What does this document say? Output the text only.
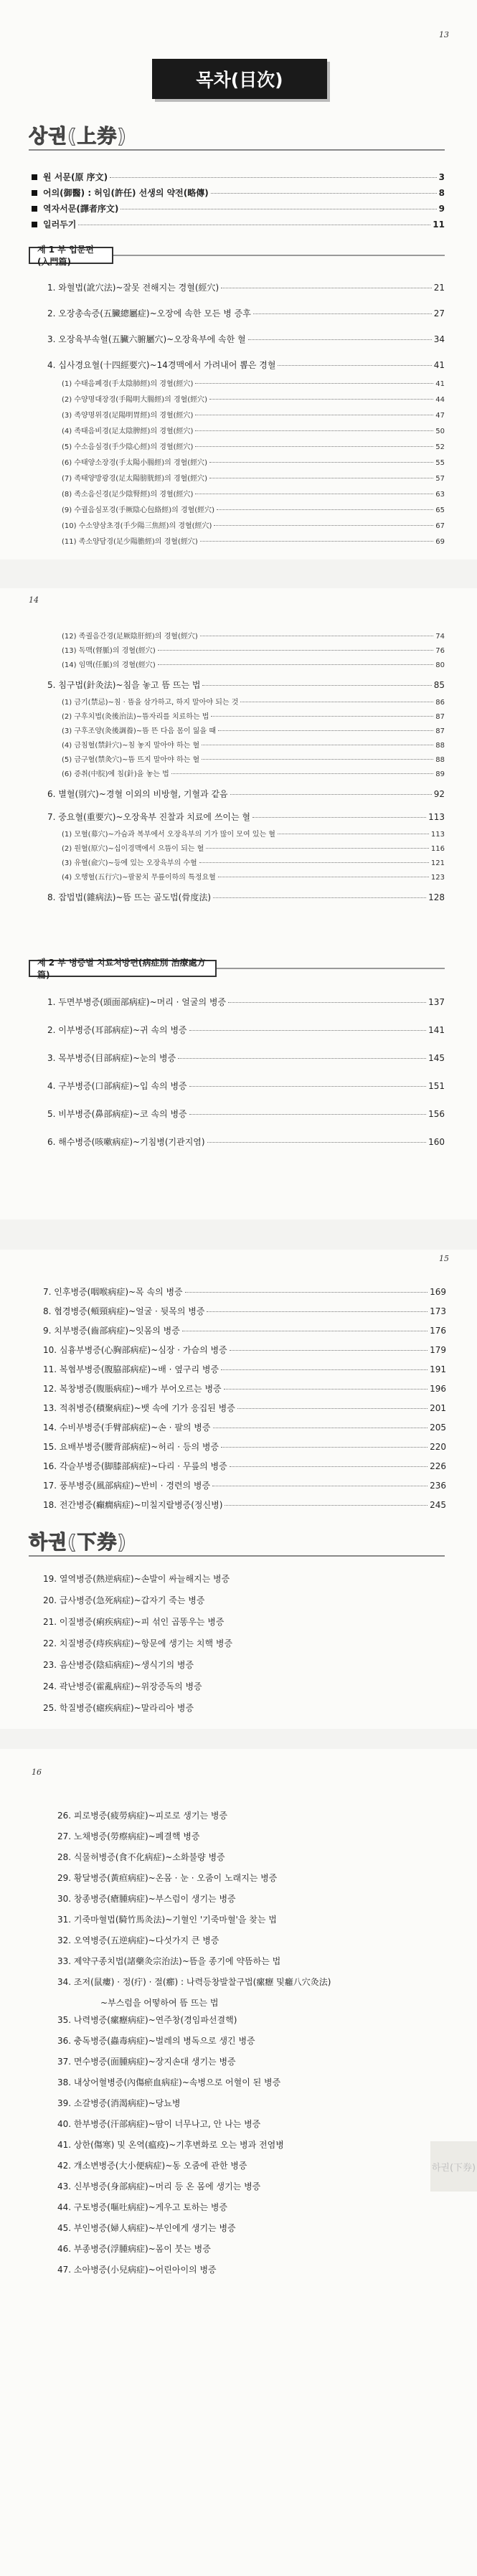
13
목차(目次)
상권(上券)
제 1 부 입문편(入門篇)
원 서문(原 序文)	3
어의(御醫) : 허임(許任) 선생의 약전(略傳)	8
역자서문(譯者序文)	9
일러두기	11
1. 와혈법(訛穴法)~잘못 전해지는 경혈(經穴)	21
2. 오장총속증(五臟總屬症)~오장에 속한 모든 병 증후	27
3. 오장육부속혈(五臟六腑屬穴)~오장육부에 속한 혈	34
4. 십사경요혈(十四經要穴)~14경맥에서 가려내어 뽑은 경혈	41
(1) 수태음폐경(手太陰肺經)의 경혈(經穴)	41
(2) 수양명대장경(手陽明大腸經)의 경혈(經穴)	44
(3) 족양명위경(足陽明胃經)의 경혈(經穴)	47
(4) 족태음비경(足太陰脾經)의 경혈(經穴)	50
(5) 수소음심경(手少陰心經)의 경혈(經穴)	52
(6) 수태양소장경(手太陽小腸經)의 경혈(經穴)	55
(7) 족태양방광경(足太陽膀胱經)의 경혈(經穴)	57
(8) 족소음신경(足少陰腎經)의 경혈(經穴)	63
(9) 수궐음심포경(手厥陰心包絡經)의 경혈(經穴)	65
(10) 수소양삼초경(手少陽三焦經)의 경혈(經穴)	67
(11) 족소양담경(足少陽膽經)의 경혈(經穴)	69
14
제 2 부 병증별 치료처방편(病症別 治療處方篇)
(12) 족궐음간경(足厥陰肝經)의 경혈(經穴)	74
(13) 독맥(督脈)의 경혈(經穴)	76
(14) 임맥(任脈)의 경혈(經穴)	80
5. 침구법(針灸法)~침을 놓고 뜸 뜨는 법	85
(1) 금기(禁忌)~침 · 뜸을 삼가하고, 하지 말아야 되는 것	86
(2) 구후치법(灸後治法)~뜸자리를 치료하는 법	87
(3) 구후조양(灸後調養)~뜸 뜬 다음 몸이 잃을 때	87
(4) 금침혈(禁針穴)~침 놓지 말아야 하는 혈	88
(5) 금구혈(禁灸穴)~뜸 뜨지 말아야 하는 혈	88
(6) 증취(中脘)에 침(針)을 놓는 법	89
6. 별혈(別穴)~경혈 이외의 비방혈, 기혈과 같음	92
7. 중요혈(重要穴)~오장육부 진찰과 치료에 쓰이는 혈	113
(1) 모혈(募穴)~가슴과 복부에서 오장육부의 기가 많이 모여 있는 혈	113
(2) 원혈(原穴)~십이경맥에서 으뜸이 되는 혈	116
(3) 유혈(兪穴)~등에 있는 오장육부의 수혈	121
(4) 오행혈(五行穴)~팔꿈치 무릎이하의 특정요혈	123
8. 잡법법(雜病法)~뜸 뜨는 골도법(骨度法)	128
1. 두면부병증(頭面部病症)~머리 · 얼굴의 병증	137
2. 이부병증(耳部病症)~귀 속의 병증	141
3. 목부병증(目部病症)~눈의 병증	145
4. 구부병증(口部病症)~입 속의 병증	151
5. 비부병증(鼻部病症)~코 속의 병증	156
6. 해수병증(咳嗽病症)~기침병(기관지염)	160
15
하권(下券)
7. 인후병증(咽喉病症)~목 속의 병증	169
8. 협경병증(頰頸病症)~얼굴 · 뒷목의 병증	173
9. 치부병증(齒部病症)~잇몸의 병증	176
10. 심흉부병증(心胸部病症)~심장 · 가슴의 병증	179
11. 복협부병증(腹脇部病症)~배 · 옆구리 병증	191
12. 복창병증(腹脹病症)~배가 부어오르는 병증	196
13. 적취병증(積聚病症)~뱃 속에 기가 응집된 병증	201
14. 수비부병증(手臂部病症)~손 · 팔의 병증	205
15. 요배부병증(腰背部病症)~허리 · 등의 병증	220
16. 각슬부병증(脚膝部病症)~다리 · 무릎의 병증	226
17. 풍부병증(風部病症)~반비 · 경련의 병증	236
18. 전간병증(癲癇病症)~미칠지랄병증(정신병)	245
19. 열역병증(熱逆病症)~손발이 싸늘해지는 병증
20. 급사병증(急死病症)~갑자기 죽는 병증
21. 이질병증(痢疾病症)~피 섞인 곱똥우는 병증
22. 치질병증(痔疾病症)~항문에 생기는 치핵 병증
23. 음산병증(陰疝病症)~생식기의 병증
24. 곽난병증(霍亂病症)~위장증독의 병증
25. 학질병증(瘧疾病症)~말라리아 병증
16
26. 피로병증(疲勞病症)~피로로 생기는 병증
27. 노채병증(勞瘵病症)~폐결핵 병증
28. 식물허병증(食不化病症)~소화불량 병증
29. 황달병증(黃疸病症)~온몸 · 눈 · 오줌이 노래지는 병증
30. 창종병증(瘡腫病症)~부스럼이 생기는 병증
31. 기죽마혈법(騎竹馬灸法)~기혈인 '기죽마혈'을 찾는 법
32. 오역병증(五逆病症)~다섯가지 큰 병증
33. 제약구종치법(諸藥灸宗治法)~뜸을 종기에 약뜸하는 법
34. 조저(鼠瘻) · 정(疔) · 절(癤) : 나력등창발찰구법(瘰癧 및癰八穴灸法)
~부스럼을 어떻하여 뜸 뜨는 법
35. 나력병증(瘰癧病症)~연주창(경임파선결핵)
36. 충독병증(蟲毒病症)~벌레의 병독으로 생긴 병증
37. 면수병증(面腫病症)~장지손대 생기는 병증
38. 내상어혈병증(內傷瘀血病症)~속병으로 어혈이 된 병증
39. 소갈병증(消渴病症)~당뇨병
40. 한부병증(汗部病症)~땀이 너무나고, 안 나는 병증
41. 상한(傷寒) 및 온역(瘟疫)~기후변화로 오는 병과 전염병
42. 개소변병증(大小便病症)~동 오줌에 관한 병증
43. 신부병증(身部病症)~머리 등 온 몸에 생기는 병증
44. 구토병증(嘔吐病症)~게우고 토하는 병증
45. 부인병증(婦人病症)~부인에게 생기는 병증
46. 부종병증(浮腫病症)~몸이 붓는 병증
47. 소아병증(小兒病症)~어린아이의 병증
하권(下券)
